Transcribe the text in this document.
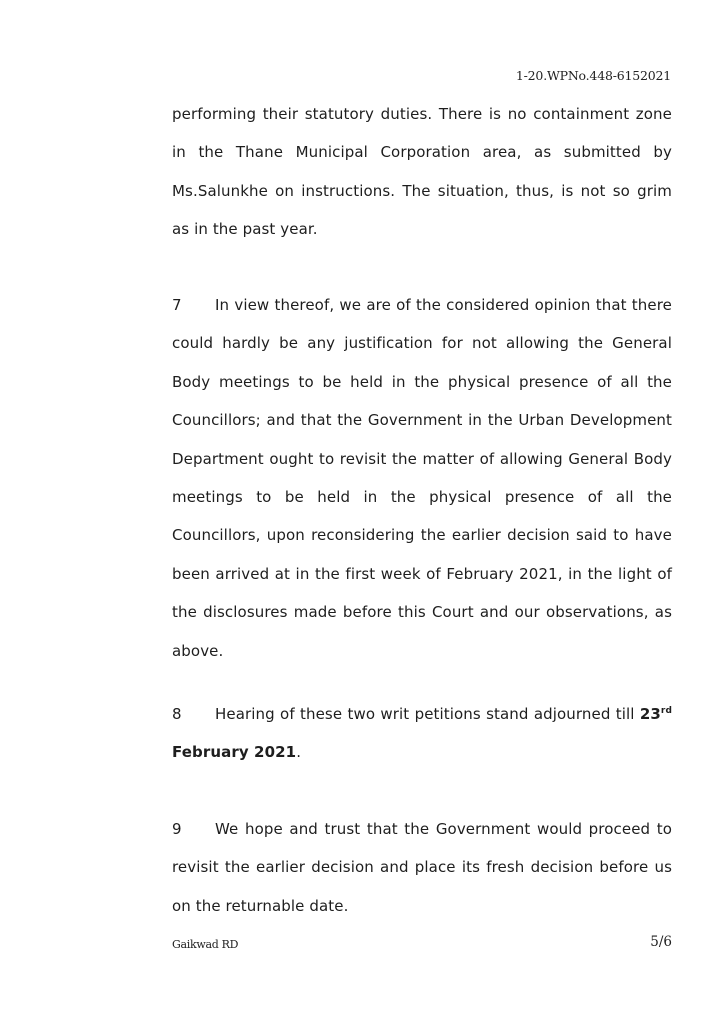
1-20.WPNo.448-6152021

performing their statutory duties. There is no containment zone in the Thane Municipal Corporation area, as submitted by Ms.Salunkhe on instructions. The situation, thus, is not so grim as in the past year.

7 In view thereof, we are of the considered opinion that there could hardly be any justification for not allowing the General Body meetings to be held in the physical presence of all the Councillors; and that the Government in the Urban Development Department ought to revisit the matter of allowing General Body meetings to be held in the physical presence of all the Councillors, upon reconsidering the earlier decision said to have been arrived at in the first week of February 2021, in the light of the disclosures made before this Court and our observations, as above.

8 Hearing of these two writ petitions stand adjourned till 23rd February 2021.

9 We hope and trust that the Government would proceed to revisit the earlier decision and place its fresh decision before us on the returnable date.

Gaikwad RD	5/6
